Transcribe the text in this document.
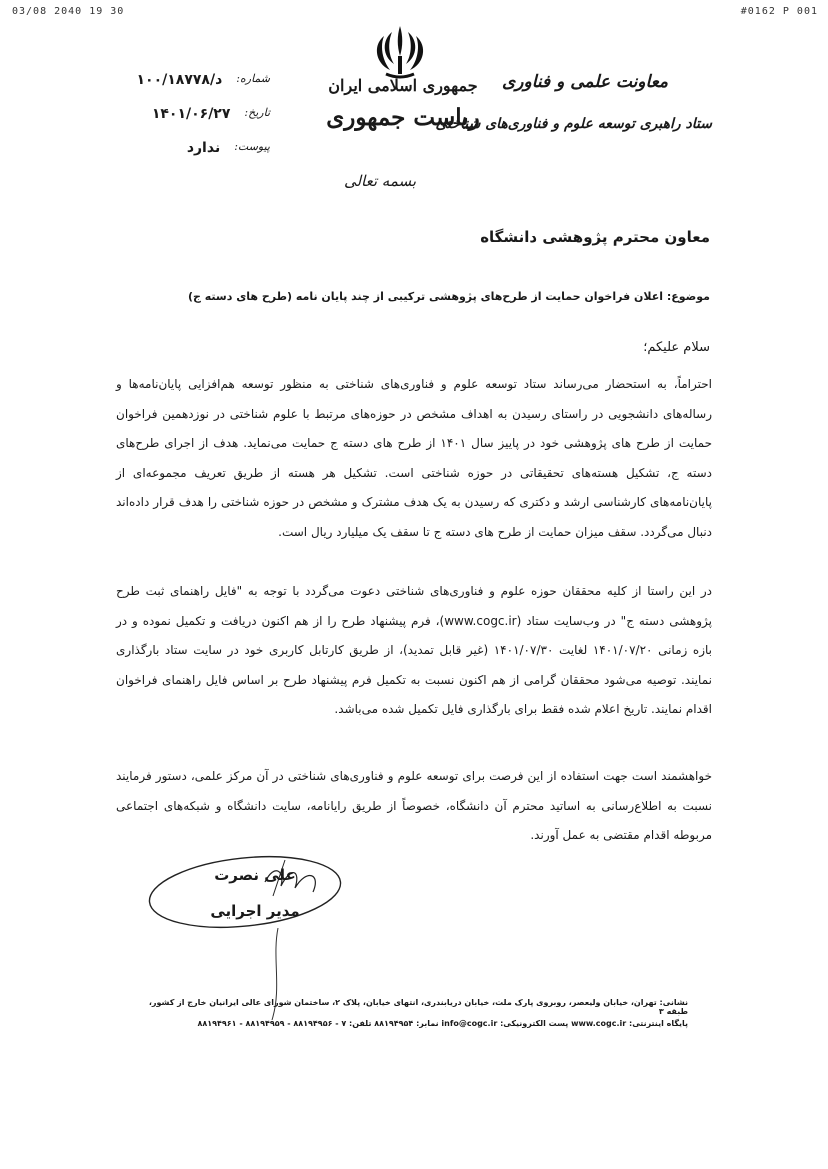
03/08 2040 19 30	#0162 P 001
جمهوری اسلامی ایران
ریاست جمهوری
بسمه تعالی
معاونت علمی و فناوری
ستاد راهبری توسعه علوم و فناوری‌های شناختی
شماره:
د/۱۰۰/۱۸۷۷۸
تاریخ:
۱۴۰۱/۰۶/۲۷
پیوست:
ندارد
معاون محترم پژوهشی دانشگاه
موضوع: اعلان فراخوان حمایت از طرح‌های پژوهشی ترکیبی از چند پایان نامه (طرح های دسته ج)
سلام علیکم؛
احتراماً، به استحضار می‌رساند ستاد توسعه علوم و فناوری‌های شناختی به منظور توسعه هم‌افزایی پایان‌نامه‌ها و رساله‌های دانشجویی در راستای رسیدن به اهداف مشخص در حوزه‌های مرتبط با علوم شناختی در نوزدهمین فراخوان حمایت از طرح های پژوهشی خود در پاییز سال ۱۴۰۱ از طرح های دسته ج حمایت می‌نماید. هدف از اجرای طرح‌های دسته ج، تشکیل هسته‌های تحقیقاتی در حوزه شناختی است. تشکیل هر هسته از طریق تعریف مجموعه‌ای از پایان‌نامه‌های کارشناسی ارشد و دکتری که رسیدن به یک هدف مشترک و مشخص در حوزه شناختی را هدف قرار داده‌اند دنبال می‌گردد. سقف میزان حمایت از طرح های دسته ج تا سقف یک میلیارد ریال است.
در این راستا از کلیه محققان حوزه علوم و فناوری‌های شناختی دعوت می‌گردد با توجه به "فایل راهنمای ثبت طرح پژوهشی دسته ج" در وب‌سایت ستاد (www.cogc.ir)، فرم پیشنهاد طرح را از هم اکنون دریافت و تکمیل نموده و در بازه زمانی ۱۴۰۱/۰۷/۲۰ لغایت ۱۴۰۱/۰۷/۳۰ (غیر قابل تمدید)، از طریق کارتابل کاربری خود در سایت ستاد بارگذاری نمایند. توصیه می‌شود محققان گرامی از هم اکنون نسبت به تکمیل فرم پیشنهاد طرح بر اساس فایل راهنمای فراخوان اقدام نمایند. تاریخ اعلام شده فقط برای بارگذاری فایل تکمیل شده می‌باشد.
خواهشمند است جهت استفاده از این فرصت برای توسعه علوم و فناوری‌های شناختی در آن مرکز علمی، دستور فرمایند نسبت به اطلاع‌رسانی به اساتید محترم آن دانشگاه، خصوصاً از طریق رایانامه، سایت دانشگاه و شبکه‌های اجتماعی مربوطه اقدام مقتضی به عمل آورند.
علی نصرت
مدیر اجرایی
نشانی: تهران، خیابان ولیعصر، روبروی پارک ملت، خیابان دریابندری، انتهای خیابان، پلاک ۲، ساختمان شورای عالی ایرانیان خارج از کشور، طبقه ۳
پایگاه اینترنتی: www.cogc.ir پست الکترونیکی: info@cogc.ir نمابر: ۸۸۱۹۴۹۵۴ تلفن: ۷ - ۸۸۱۹۴۹۵۶ - ۸۸۱۹۴۹۵۹ - ۸۸۱۹۴۹۶۱
